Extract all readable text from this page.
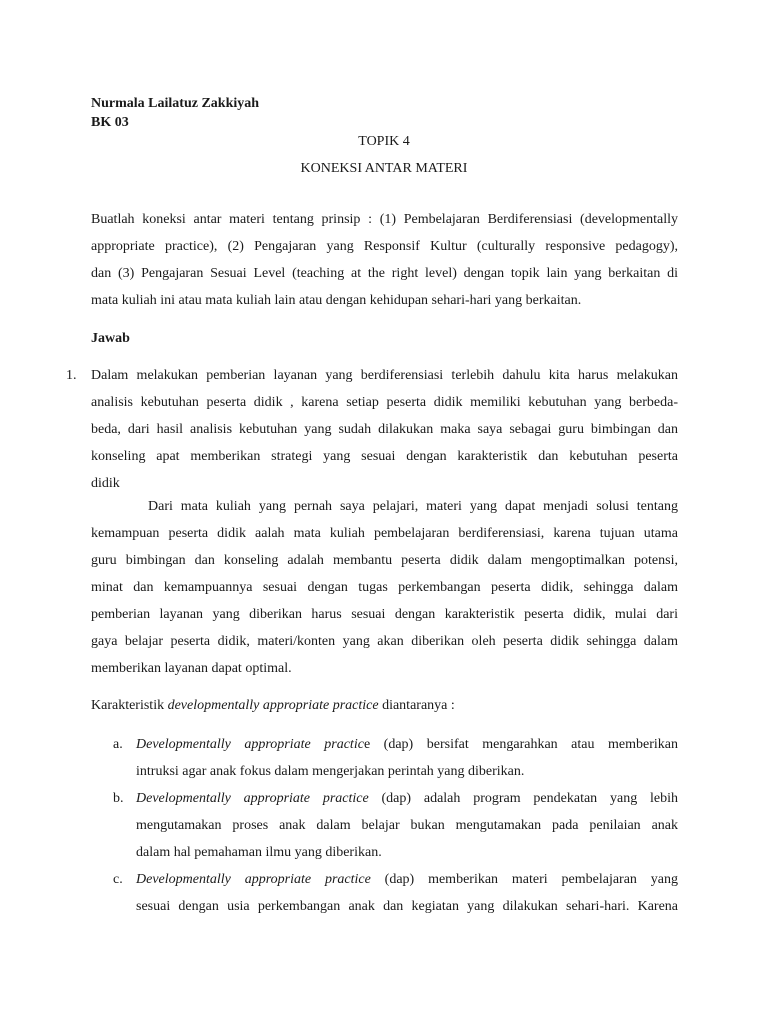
Nurmala Lailatuz Zakkiyah
BK 03
TOPIK 4
KONEKSI ANTAR MATERI
Buatlah koneksi antar materi tentang prinsip : (1) Pembelajaran Berdiferensiasi (developmentally
appropriate practice), (2) Pengajaran yang Responsif Kultur (culturally responsive pedagogy),
dan (3) Pengajaran Sesuai Level (teaching at the right level) dengan topik lain yang berkaitan di
mata kuliah ini atau mata kuliah lain atau dengan kehidupan sehari-hari yang berkaitan.
Jawab
1. Dalam melakukan pemberian layanan yang berdiferensiasi terlebih dahulu kita harus melakukan
analisis kebutuhan peserta didik , karena setiap peserta didik memiliki kebutuhan yang berbeda-
beda, dari hasil analisis kebutuhan yang sudah dilakukan maka saya sebagai guru bimbingan dan
konseling apat memberikan strategi yang sesuai dengan karakteristik dan kebutuhan peserta
didik
Dari mata kuliah yang pernah saya pelajari, materi yang dapat menjadi solusi tentang
kemampuan peserta didik aalah mata kuliah pembelajaran berdiferensiasi, karena tujuan utama
guru bimbingan dan konseling adalah membantu peserta didik dalam mengoptimalkan potensi,
minat dan kemampuannya sesuai dengan tugas perkembangan peserta didik, sehingga dalam
pemberian layanan yang diberikan harus sesuai dengan karakteristik peserta didik, mulai dari
gaya belajar peserta didik, materi/konten yang akan diberikan oleh peserta didik sehingga dalam
memberikan layanan dapat optimal.
Karakteristik developmentally appropriate practice diantaranya :
a. Developmentally appropriate practice (dap) bersifat mengarahkan atau memberikan
intruksi agar anak fokus dalam mengerjakan perintah yang diberikan.
b. Developmentally appropriate practice (dap) adalah program pendekatan yang lebih
mengutamakan proses anak dalam belajar bukan mengutamakan pada penilaian anak
dalam hal pemahaman ilmu yang diberikan.
c. Developmentally appropriate practice (dap) memberikan materi pembelajaran yang
sesuai dengan usia perkembangan anak dan kegiatan yang dilakukan sehari-hari. Karena
